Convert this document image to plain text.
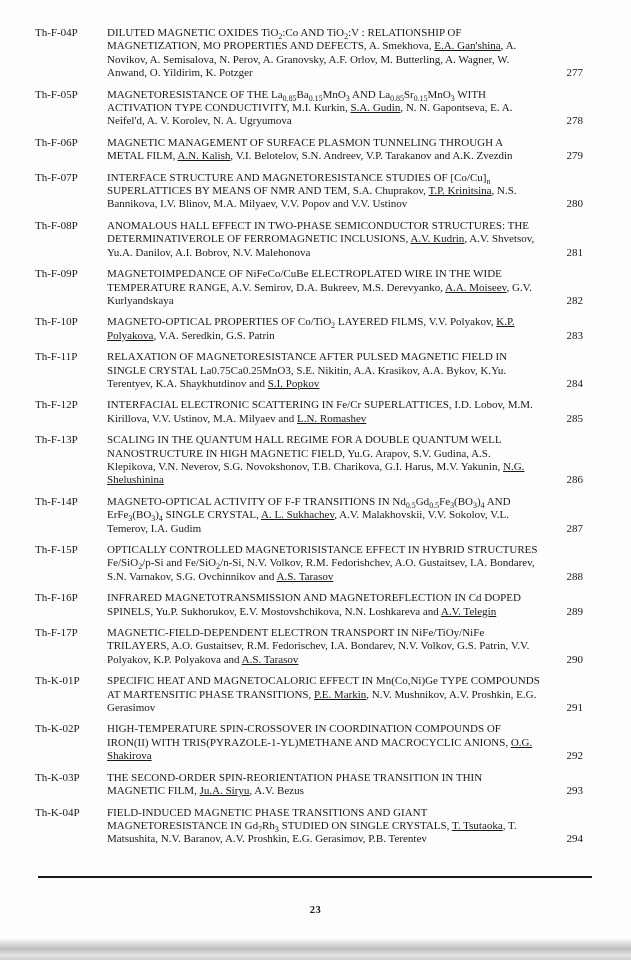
Th-F-04P	DILUTED MAGNETIC OXIDES TiO$_2$:Co AND TiO$_2$:V : RELATIONSHIP OF MAGNETIZATION, MO PROPERTIES AND DEFECTS, A. Smekhova, E.A. Gan'shina, A. Novikov, A. Semisalova, N. Perov, A. Granovsky, A.F. Orlov, M. Butterling, A. Wagner, W. Anwand, O. Yildirim, K. Potzger	277
Th-F-05P	MAGNETORESISTANCE OF THE $La_{0.85}Ba_{0.15}MnO_3$ AND $La_{0.85}Sr_{0.15}MnO_3$ WITH ACTIVATION TYPE CONDUCTIVITY, M.I. Kurkin, S.A. Gudin, N. N. Gapontseva, E. A. Neifel'd, A. V. Korolev, N. A. Ugryumova	278
Th-F-06P	MAGNETIC MANAGEMENT OF SURFACE PLASMON TUNNELING THROUGH A METAL FILM, A.N. Kalish, V.I. Belotelov, S.N. Andreev, V.P. Tarakanov and A.K. Zvezdin	279
Th-F-07P	INTERFACE STRUCTURE AND MAGNETORESISTANCE STUDIES OF $[Co/Cu]_n$ SUPERLATTICES BY MEANS OF NMR AND TEM, S.A. Chuprakov, T.P. Krinitsina, N.S. Bannikova, I.V. Blinov, M.A. Milyaev, V.V. Popov and V.V. Ustinov	280
Th-F-08P	ANOMALOUS HALL EFFECT IN TWO-PHASE SEMICONDUCTOR STRUCTURES: THE DETERMINATIVEROLE OF FERROMAGNETIC INCLUSIONS, A.V. Kudrin, A.V. Shvetsov, Yu.A. Danilov, A.I. Bobrov, N.V. Malehonova	281
Th-F-09P	MAGNETOIMPEDANCE OF NiFeCo/CuBe ELECTROPLATED WIRE IN THE WIDE TEMPERATURE RANGE, A.V. Semirov, D.A. Bukreev, M.S. Derevyanko, A.A. Moiseev, G.V. Kurlyandskaya	282
Th-F-10P	MAGNETO-OPTICAL PROPERTIES OF Co/TiO$_2$ LAYERED FILMS, V.V. Polyakov, K.P. Polyakova, V.A. Seredkin, G.S. Patrin	283
Th-F-11P	RELAXATION OF MAGNETORESISTANCE AFTER PULSED MAGNETIC FIELD IN SINGLE CRYSTAL La0.75Ca0.25MnO3, S.E. Nikitin, A.A. Krasikov, A.A. Bykov, K.Yu. Terentyev, K.A. Shaykhutdinov and S.I. Popkov	284
Th-F-12P	INTERFACIAL ELECTRONIC SCATTERING IN Fe/Cr SUPERLATTICES, I.D. Lobov, M.M. Kirillova, V.V. Ustinov, M.A. Milyaev and L.N. Romashev	285
Th-F-13P	SCALING IN THE QUANTUM HALL REGIME FOR A DOUBLE QUANTUM WELL NANOSTRUCTURE IN HIGH MAGNETIC FIELD, Yu.G. Arapov, S.V. Gudina, A.S. Klepikova, V.N. Neverov, S.G. Novokshonov, T.B. Charikova, G.I. Harus, M.V. Yakunin, N.G. Shelushinina	286
Th-F-14P	MAGNETO-OPTICAL ACTIVITY OF F-F TRANSITIONS IN $Nd_{0.5}Gd_{0.5}Fe_3(BO_3)_4$ AND $ErFe_3(BO_3)_4$ SINGLE CRYSTAL, A. L. Sukhachev, A.V. Malakhovskii, V.V. Sokolov, V.L. Temerov, I.A. Gudim	287
Th-F-15P	OPTICALLY CONTROLLED MAGNETORISISTANCE EFFECT IN HYBRID STRUCTURES Fe/SiO$_2$/p-Si and Fe/SiO$_2$/n-Si, N.V. Volkov, R.M. Fedorishchev, A.O. Gustaitsev, I.A. Bondarev, S.N. Varnakov, S.G. Ovchinnikov and A.S. Tarasov	288
Th-F-16P	INFRARED MAGNETOTRANSMISSION AND MAGNETOREFLECTION IN Cd DOPED SPINELS, Yu.P. Sukhorukov, E.V. Mostovshchikova, N.N. Loshkareva and A.V. Telegin	289
Th-F-17P	MAGNETIC-FIELD-DEPENDENT ELECTRON TRANSPORT IN NiFe/TiOy/NiFe TRILAYERS, A.O. Gustaitsev, R.M. Fedorischev, I.A. Bondarev, N.V. Volkov, G.S. Patrin, V.V. Polyakov, K.P. Polyakova and A.S. Tarasov	290
Th-K-01P	SPECIFIC HEAT AND MAGNETOCALORIC EFFECT IN Mn(Co,Ni)Ge TYPE COMPOUNDS AT MARTENSITIC PHASE TRANSITIONS, P.E. Markin, N.V. Mushnikov, A.V. Proshkin, E.G. Gerasimov	291
Th-K-02P	HIGH-TEMPERATURE SPIN-CROSSOVER IN COORDINATION COMPOUNDS OF IRON(II) WITH TRIS(PYRAZOLE-1-YL)METHANE AND MACROCYCLIC ANIONS, O.G. Shakirova	292
Th-K-03P	THE SECOND-ORDER SPIN-REORIENTATION PHASE TRANSITION IN THIN MAGNETIC FILM, Ju.A. Siryu, A.V. Bezus	293
Th-K-04P	FIELD-INDUCED MAGNETIC PHASE TRANSITIONS AND GIANT MAGNETORESISTANCE IN $Gd_7Rh_3$ STUDIED ON SINGLE CRYSTALS, T. Tsutaoka, T. Matsushita, N.V. Baranov, A.V. Proshkin, E.G. Gerasimov, P.B. Terentev	294
23
